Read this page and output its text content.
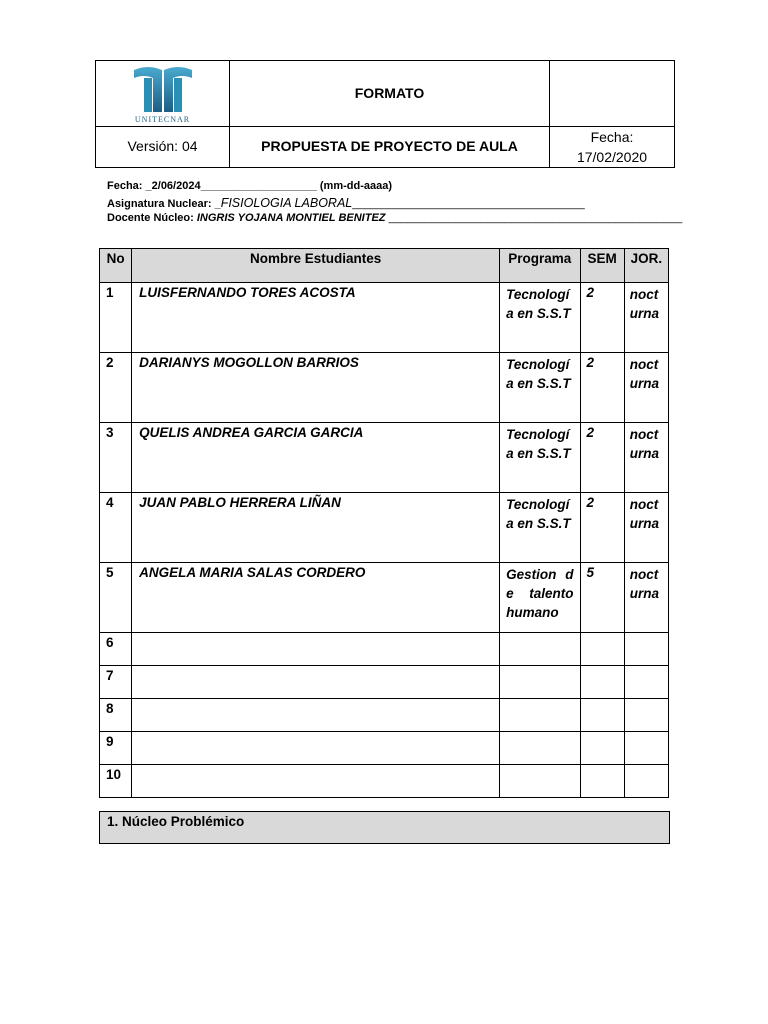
UNITECNAR	FORMATO	
Versión: 04	PROPUESTA DE PROYECTO DE AULA	Fecha:
17/02/2020
Fecha: _2/06/2024___________________ (mm-dd-aaaa)
Asignatura Nuclear: _FISIOLOGIA LABORAL______________________________________
Docente Núcleo: INGRIS YOJANA MONTIEL BENITEZ ________________________________________________
No	Nombre Estudiantes	Programa	SEM	JOR.
1	LUISFERNANDO TORES ACOSTA	Tecnología en S.S.T	2	nocturna
2	DARIANYS MOGOLLON BARRIOS	Tecnología en S.S.T	2	nocturna
3	QUELIS ANDREA GARCIA GARCIA	Tecnología en S.S.T	2	nocturna
4	JUAN PABLO HERRERA LIÑAN	Tecnología en S.S.T	2	nocturna
5	ANGELA MARIA SALAS CORDERO	Gestion de talento humano	5	nocturna
6				
7				
8				
9				
10				
1. Núcleo Problémico
